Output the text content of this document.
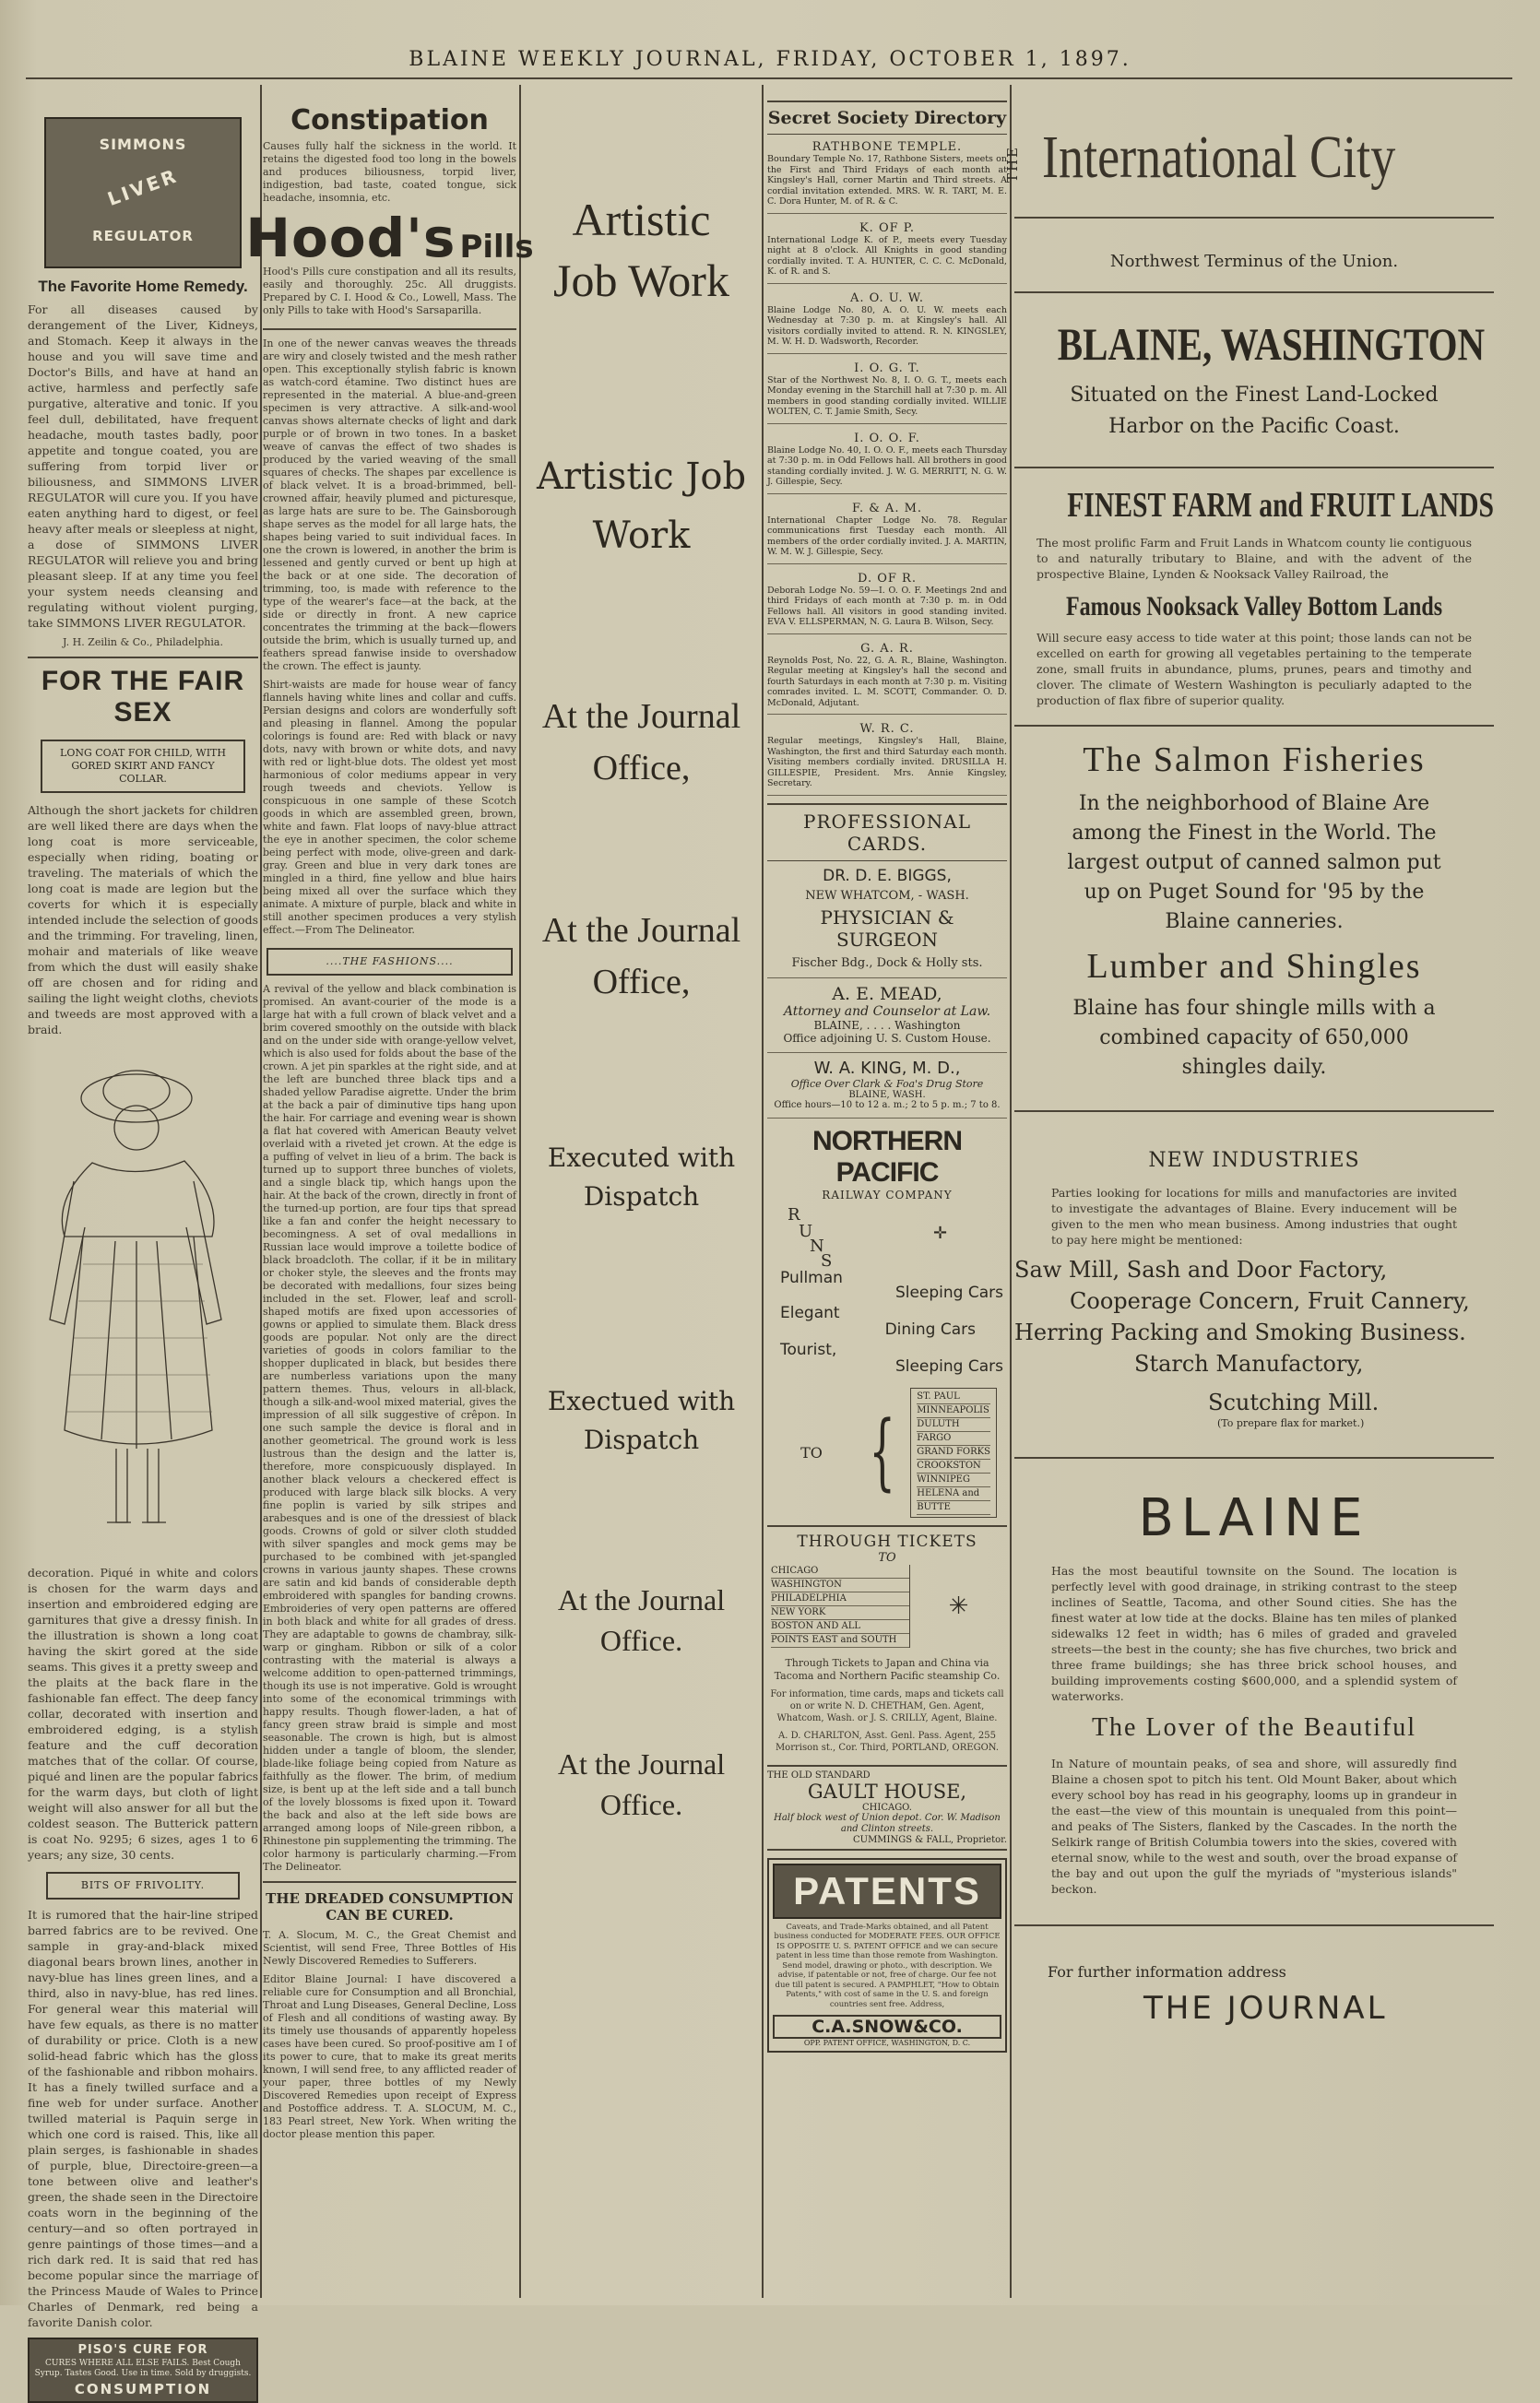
BLAINE WEEKLY JOURNAL, FRIDAY, OCTOBER 1, 1897.
SIMMONS
LIVER
REGULATOR
The Favorite Home Remedy.

For all diseases caused by derangement of the Liver, Kidneys, and Stomach. Keep it always in the house and you will save time and Doctor's Bills, and have at hand an active, harmless and perfectly safe purgative, alterative and tonic. If you feel dull, debilitated, have frequent headache, mouth tastes badly, poor appetite and tongue coated, you are suffering from torpid liver or biliousness, and SIMMONS LIVER REGULATOR will cure you. If you have eaten anything hard to digest, or feel heavy after meals or sleepless at night, a dose of SIMMONS LIVER REGULATOR will relieve you and bring pleasant sleep. If at any time you feel your system needs cleansing and regulating without violent purging, take SIMMONS LIVER REGULATOR.

J. H. Zeilin & Co., Philadelphia.

FOR THE FAIR SEX
LONG COAT FOR CHILD, WITH GORED SKIRT AND FANCY COLLAR.

Although the short jackets for children are well liked there are days when the long coat is more serviceable, especially when riding, boating or traveling. The materials of which the long coat is made are legion but the coverts for which it is especially intended include the selection of goods and the trimming. For traveling, linen, mohair and materials of like weave from which the dust will easily shake off are chosen and for riding and sailing the light weight cloths, cheviots and tweeds are most approved with a braid.

decoration. Piqué in white and colors is chosen for the warm days and insertion and embroidered edging are garnitures that give a dressy finish. In the illustration is shown a long coat having the skirt gored at the side seams. This gives it a pretty sweep and the plaits at the back flare in the fashionable fan effect. The deep fancy collar, decorated with insertion and embroidered edging, is a stylish feature and the cuff decoration matches that of the collar. Of course, piqué and linen are the popular fabrics for the warm days, but cloth of light weight will also answer for all but the coldest season. The Butterick pattern is coat No. 9295; 6 sizes, ages 1 to 6 years; any size, 30 cents.

BITS OF FRIVOLITY.

It is rumored that the hair-line striped barred fabrics are to be revived. One sample in gray-and-black mixed diagonal bears brown lines, another in navy-blue has lines green lines, and a third, also in navy-blue, has red lines. For general wear this material will have few equals, as there is no matter of durability or price. Cloth is a new solid-head fabric which has the gloss of the fashionable and ribbon mohairs. It has a finely twilled surface and a fine web for under surface. Another twilled material is Paquin serge in which one cord is raised. This, like all plain serges, is fashionable in shades of purple, blue, Directoire-green—a tone between olive and leather's green, the shade seen in the Directoire coats worn in the beginning of the century—and so often portrayed in genre paintings of those times—and a rich dark red. It is said that red has become popular since the marriage of the Princess Maude of Wales to Prince Charles of Denmark, red being a favorite Danish color.

PISO'S CURE FOR
CURES WHERE ALL ELSE FAILS. Best Cough Syrup. Tastes Good. Use in time. Sold by druggists.
CONSUMPTION
Constipation

Causes fully half the sickness in the world. It retains the digested food too long in the bowels and produces biliousness, torpid liver, indigestion, bad taste, coated tongue, sick headache, insomnia, etc.

Hood's Pills

Hood's Pills cure constipation and all its results, easily and thoroughly. 25c. All druggists. Prepared by C. I. Hood & Co., Lowell, Mass. The only Pills to take with Hood's Sarsaparilla.

In one of the newer canvas weaves the threads are wiry and closely twisted and the mesh rather open. This exceptionally stylish fabric is known as watch-cord étamine. Two distinct hues are represented in the material. A blue-and-green specimen is very attractive. A silk-and-wool canvas shows alternate checks of light and dark purple or of brown in two tones. In a basket weave of canvas the effect of two shades is produced by the varied weaving of the small squares of checks. The shapes par excellence is of black velvet. It is a broad-brimmed, bell-crowned affair, heavily plumed and picturesque, as large hats are sure to be. The Gainsborough shape serves as the model for all large hats, the shapes being varied to suit individual faces. In one the crown is lowered, in another the brim is lessened and gently curved or bent up high at the back or at one side. The decoration of trimming, too, is made with reference to the type of the wearer's face—at the back, at the side or directly in front. A new caprice concentrates the trimming at the back—flowers outside the brim, which is usually turned up, and feathers spread fanwise inside to overshadow the crown. The effect is jaunty.

Shirt-waists are made for house wear of fancy flannels having white lines and collar and cuffs. Persian designs and colors are wonderfully soft and pleasing in flannel. Among the popular colorings is found are: Red with black or navy dots, navy with brown or white dots, and navy with red or light-blue dots. The oldest yet most harmonious of color mediums appear in very rough tweeds and cheviots. Yellow is conspicuous in one sample of these Scotch goods in which are assembled green, brown, white and fawn. Flat loops of navy-blue attract the eye in another specimen, the color scheme being perfect with mode, olive-green and dark-gray. Green and blue in very dark tones are mingled in a third, fine yellow and blue hairs being mixed all over the surface which they animate. A mixture of purple, black and white in still another specimen produces a very stylish effect.—From The Delineator.

....THE FASHIONS....

A revival of the yellow and black combination is promised. An avant-courier of the mode is a large hat with a full crown of black velvet and a brim covered smoothly on the outside with black and on the under side with orange-yellow velvet, which is also used for folds about the base of the crown. A jet pin sparkles at the right side, and at the left are bunched three black tips and a shaded yellow Paradise aigrette. Under the brim at the back a pair of diminutive tips hang upon the hair. For carriage and evening wear is shown a flat hat covered with American Beauty velvet overlaid with a riveted jet crown. At the edge is a puffing of velvet in lieu of a brim. The back is turned up to support three bunches of violets, and a single black tip, which hangs upon the hair. At the back of the crown, directly in front of the turned-up portion, are four tips that spread like a fan and confer the height necessary to becomingness. A set of oval medallions in Russian lace would improve a toilette bodice of black broadcloth. The collar, if it be in military or choker style, the sleeves and the fronts may be decorated with medallions, four sizes being included in the set. Flower, leaf and scroll-shaped motifs are fixed upon accessories of gowns or applied to simulate them. Black dress goods are popular. Not only are the direct varieties of goods in colors familiar to the shopper duplicated in black, but besides there are numberless variations upon the many pattern themes. Thus, velours in all-black, though a silk-and-wool mixed material, gives the impression of all silk suggestive of crêpon. In one such sample the device is floral and in another geometrical. The ground work is less lustrous than the design and the latter is, therefore, more conspicuously displayed. In another black velours a checkered effect is produced with large black silk blocks. A very fine poplin is varied by silk stripes and arabesques and is one of the dressiest of black goods. Crowns of gold or silver cloth studded with silver spangles and mock gems may be purchased to be combined with jet-spangled crowns in various jaunty shapes. These crowns are satin and kid bands of considerable depth embroidered with spangles for banding crowns. Embroideries of very open patterns are offered in both black and white for all grades of dress. They are adaptable to gowns de chambray, silk-warp or gingham. Ribbon or silk of a color contrasting with the material is always a welcome addition to open-patterned trimmings, though its use is not imperative. Gold is wrought into some of the economical trimmings with happy results. Though flower-laden, a hat of fancy green straw braid is simple and most seasonable. The crown is high, but is almost hidden under a tangle of bloom, the slender, blade-like foliage being copied from Nature as faithfully as the flower. The brim, of medium size, is bent up at the left side and a tall bunch of the lovely blossoms is fixed upon it. Toward the back and also at the left side bows are arranged among loops of Nile-green ribbon, a Rhinestone pin supplementing the trimming. The color harmony is particularly charming.—From The Delineator.

THE DREADED CONSUMPTION CAN BE CURED.

T. A. Slocum, M. C., the Great Chemist and Scientist, will send Free, Three Bottles of His Newly Discovered Remedies to Sufferers.

Editor Blaine Journal: I have discovered a reliable cure for Consumption and all Bronchial, Throat and Lung Diseases, General Decline, Loss of Flesh and all conditions of wasting away. By its timely use thousands of apparently hopeless cases have been cured. So proof-positive am I of its power to cure, that to make its great merits known, I will send free, to any afflicted reader of your paper, three bottles of my Newly Discovered Remedies upon receipt of Express and Postoffice address. T. A. SLOCUM, M. C., 183 Pearl street, New York. When writing the doctor please mention this paper.

Artistic Job Work
Artistic Job Work
At the Journal Office,
At the Journal Office,
Executed with Dispatch
Exectued with Dispatch
At the Journal Office.
At the Journal Office.
Secret Society Directory
RATHBONE TEMPLE.
Boundary Temple No. 17, Rathbone Sisters, meets on the First and Third Fridays of each month at Kingsley's Hall, corner Martin and Third streets. A cordial invitation extended. MRS. W. R. TART, M. E. C. Dora Hunter, M. of R. & C.
K. OF P.
International Lodge K. of P., meets every Tuesday night at 8 o'clock. All Knights in good standing cordially invited. T. A. HUNTER, C. C. C. McDonald, K. of R. and S.
A. O. U. W.
Blaine Lodge No. 80, A. O. U. W. meets each Wednesday at 7:30 p. m. at Kingsley's hall. All visitors cordially invited to attend. R. N. KINGSLEY, M. W. H. D. Wadsworth, Recorder.
I. O. G. T.
Star of the Northwest No. 8, I. O. G. T., meets each Monday evening in the Starchill hall at 7:30 p. m. All members in good standing cordially invited. WILLIE WOLTEN, C. T. Jamie Smith, Secy.
I. O. O. F.
Blaine Lodge No. 40, I. O. O. F., meets each Thursday at 7:30 p. m. in Odd Fellows hall. All brothers in good standing cordially invited. J. W. G. MERRITT, N. G. W. J. Gillespie, Secy.
F. & A. M.
International Chapter Lodge No. 78. Regular communications first Tuesday each month. All members of the order cordially invited. J. A. MARTIN, W. M. W. J. Gillespie, Secy.
D. OF R.
Deborah Lodge No. 59—I. O. O. F. Meetings 2nd and third Fridays of each month at 7:30 p. m. in Odd Fellows hall. All visitors in good standing invited. EVA V. ELLSPERMAN, N. G. Laura B. Wilson, Secy.
G. A. R.
Reynolds Post, No. 22, G. A. R., Blaine, Washington. Regular meeting at Kingsley's hall the second and fourth Saturdays in each month at 7:30 p. m. Visiting comrades invited. L. M. SCOTT, Commander. O. D. McDonald, Adjutant.
W. R. C.
Regular meetings, Kingsley's Hall, Blaine, Washington, the first and third Saturday each month. Visiting members cordially invited. DRUSILLA H. GILLESPIE, President. Mrs. Annie Kingsley, Secretary.
PROFESSIONAL CARDS.
DR. D. E. BIGGS,
NEW WHATCOM, - WASH.
PHYSICIAN & SURGEON
Fischer Bdg., Dock & Holly sts.
A. E. MEAD,
Attorney and Counselor at Law.
BLAINE, . . . . Washington
Office adjoining U. S. Custom House.
W. A. KING, M. D.,
Office Over Clark & Foa's Drug Store
BLAINE, WASH.
Office hours—10 to 12 a. m.; 2 to 5 p. m.; 7 to 8.
NORTHERN PACIFIC
RAILWAY COMPANY
R
U
N
S
✛
Pullman
Sleeping Cars
Elegant
Dining Cars
Tourist,
Sleeping Cars
TO {
ST. PAUL
MINNEAPOLIS
DULUTH
FARGO
GRAND FORKS
CROOKSTON
WINNIPEG
HELENA and
BUTTE
THROUGH TICKETS
TO
CHICAGO
WASHINGTON
PHILADELPHIA
NEW YORK
BOSTON AND ALL
POINTS EAST and SOUTH
✳

Through Tickets to Japan and China via Tacoma and Northern Pacific steamship Co.

For information, time cards, maps and tickets call on or write N. D. CHETHAM, Gen. Agent, Whatcom, Wash. or J. S. CRILLY, Agent, Blaine.

A. D. CHARLTON, Asst. Genl. Pass. Agent, 255 Morrison st., Cor. Third, PORTLAND, OREGON.

THE OLD STANDARD
GAULT HOUSE,
CHICAGO.
Half block west of Union depot. Cor. W. Madison and Clinton streets.
CUMMINGS & FALL, Proprietor.
PATENTS

Caveats, and Trade-Marks obtained, and all Patent business conducted for MODERATE FEES. OUR OFFICE IS OPPOSITE U. S. PATENT OFFICE and we can secure patent in less time than those remote from Washington. Send model, drawing or photo., with description. We advise, if patentable or not, free of charge. Our fee not due till patent is secured. A PAMPHLET, "How to Obtain Patents," with cost of same in the U. S. and foreign countries sent free. Address,

C.A.SNOW&CO.
OPP. PATENT OFFICE, WASHINGTON, D. C.
THE International City
Northwest Terminus of the Union.
BLAINE, WASHINGTON
Situated on the Finest Land-Locked Harbor on the Pacific Coast.
FINEST FARM and FRUIT LANDS

The most prolific Farm and Fruit Lands in Whatcom county lie contiguous to and naturally tributary to Blaine, and with the advent of the prospective Blaine, Lynden & Nooksack Valley Railroad, the

Famous Nooksack Valley Bottom Lands

Will secure easy access to tide water at this point; those lands can not be excelled on earth for growing all vegetables pertaining to the temperate zone, small fruits in abundance, plums, prunes, pears and timothy and clover. The climate of Western Washington is peculiarly adapted to the production of flax fibre of superior quality.

The Salmon Fisheries
In the neighborhood of Blaine Are among the Finest in the World. The largest output of canned salmon put up on Puget Sound for '95 by the Blaine canneries.
Lumber and Shingles
Blaine has four shingle mills with a combined capacity of 650,000 shingles daily.
NEW INDUSTRIES

Parties looking for locations for mills and manufactories are invited to investigate the advantages of Blaine. Every inducement will be given to the men who mean business. Among industries that ought to pay here might be mentioned:

Saw Mill, Sash and Door Factory,
Cooperage Concern, Fruit Cannery,
Herring Packing and Smoking Business.
Starch Manufactory,
Scutching Mill.
(To prepare flax for market.)
BLAINE

Has the most beautiful townsite on the Sound. The location is perfectly level with good drainage, in striking contrast to the steep inclines of Seattle, Tacoma, and other Sound cities. She has the finest water at low tide at the docks. Blaine has ten miles of planked sidewalks 12 feet in width; has 6 miles of graded and graveled streets—the best in the county; she has five churches, two brick and three frame buildings; she has three brick school houses, and building improvements costing $600,000, and a splendid system of waterworks.

The Lover of the Beautiful

In Nature of mountain peaks, of sea and shore, will assuredly find Blaine a chosen spot to pitch his tent. Old Mount Baker, about which every school boy has read in his geography, looms up in grandeur in the east—the view of this mountain is unequaled from this point—and peaks of The Sisters, flanked by the Cascades. In the north the Selkirk range of British Columbia towers into the skies, covered with eternal snow, while to the west and south, over the broad expanse of the bay and out upon the gulf the myriads of "mysterious islands" beckon.

For further information address
THE JOURNAL
